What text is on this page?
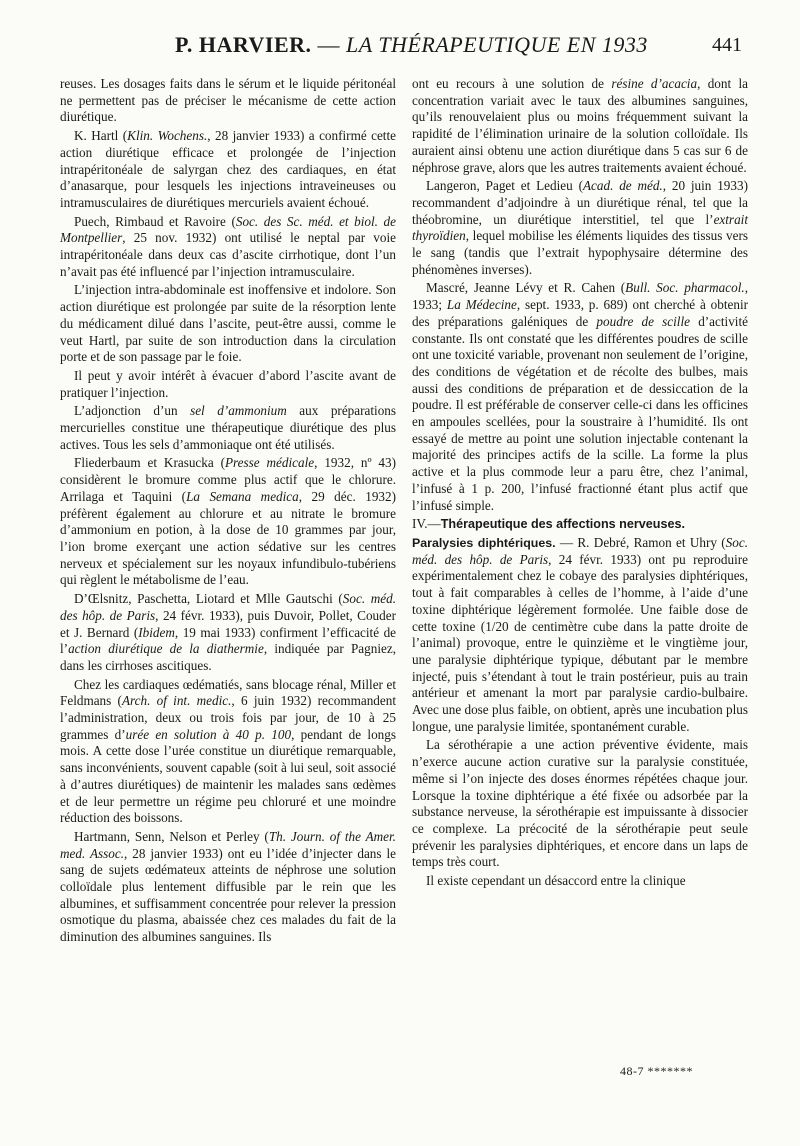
P. HARVIER. — LA THÉRAPEUTIQUE EN 1933	441

reuses. Les dosages faits dans le sérum et le liquide péritonéal ne permettent pas de préciser le mécanisme de cette action diurétique.

K. Hartl (Klin. Wochens., 28 janvier 1933) a confirmé cette action diurétique efficace et prolongée de l’injection intrapéritonéale de salyrgan chez des cardiaques, en état d’anasarque, pour lesquels les injections intraveineuses ou intramusculaires de diurétiques mercuriels avaient échoué.

Puech, Rimbaud et Ravoire (Soc. des Sc. méd. et biol. de Montpellier, 25 nov. 1932) ont utilisé le neptal par voie intrapéritonéale dans deux cas d’ascite cirrhotique, dont l’un n’avait pas été influencé par l’injection intramusculaire.

L’injection intra-abdominale est inoffensive et indolore. Son action diurétique est prolongée par suite de la résorption lente du médicament dilué dans l’ascite, peut-être aussi, comme le veut Hartl, par suite de son introduction dans la circulation porte et de son passage par le foie.

Il peut y avoir intérêt à évacuer d’abord l’ascite avant de pratiquer l’injection.

L’adjonction d’un sel d’ammonium aux préparations mercurielles constitue une thérapeutique diurétique des plus actives. Tous les sels d’ammoniaque ont été utilisés.

Fliederbaum et Krasucka (Presse médicale, 1932, nº 43) considèrent le bromure comme plus actif que le chlorure. Arrilaga et Taquini (La Semana medica, 29 déc. 1932) préfèrent également au chlorure et au nitrate le bromure d’ammonium en potion, à la dose de 10 grammes par jour, l’ion brome exerçant une action sédative sur les centres nerveux et spécialement sur les noyaux infundibulo-tubériens qui règlent le métabolisme de l’eau.

D’Œlsnitz, Paschetta, Liotard et Mlle Gautschi (Soc. méd. des hôp. de Paris, 24 févr. 1933), puis Duvoir, Pollet, Couder et J. Bernard (Ibidem, 19 mai 1933) confirment l’efficacité de l’action diurétique de la diathermie, indiquée par Pagniez, dans les cirrhoses ascitiques.

Chez les cardiaques œdématiés, sans blocage rénal, Miller et Feldmans (Arch. of int. medic., 6 juin 1932) recommandent l’administration, deux ou trois fois par jour, de 10 à 25 grammes d’urée en solution à 40 p. 100, pendant de longs mois. A cette dose l’urée constitue un diurétique remarquable, sans inconvénients, souvent capable (soit à lui seul, soit associé à d’autres diurétiques) de maintenir les malades sans œdèmes et de leur permettre un régime peu chloruré et une moindre réduction des boissons.

Hartmann, Senn, Nelson et Perley (Th. Journ. of the Amer. med. Assoc., 28 janvier 1933) ont eu l’idée d’injecter dans le sang de sujets œdémateux atteints de néphrose une solution colloïdale plus lentement diffusible par le rein que les albumines, et suffisamment concentrée pour relever la pression osmotique du plasma, abaissée chez ces malades du fait de la diminution des albumines sanguines. Ils

ont eu recours à une solution de résine d’acacia, dont la concentration variait avec le taux des albumines sanguines, qu’ils renouvelaient plus ou moins fréquemment suivant la rapidité de l’élimination urinaire de la solution colloïdale. Ils auraient ainsi obtenu une action diurétique dans 5 cas sur 6 de néphrose grave, alors que les autres traitements avaient échoué.

Langeron, Paget et Ledieu (Acad. de méd., 20 juin 1933) recommandent d’adjoindre à un diurétique rénal, tel que la théobromine, un diurétique interstitiel, tel que l’extrait thyroïdien, lequel mobilise les éléments liquides des tissus vers le sang (tandis que l’extrait hypophysaire détermine des phénomènes inverses).

Mascré, Jeanne Lévy et R. Cahen (Bull. Soc. pharmacol., 1933; La Médecine, sept. 1933, p. 689) ont cherché à obtenir des préparations galéniques de poudre de scille d’activité constante. Ils ont constaté que les différentes poudres de scille ont une toxicité variable, provenant non seulement de l’origine, des conditions de végétation et de récolte des bulbes, mais aussi des conditions de préparation et de dessiccation de la poudre. Il est préférable de conserver celle-ci dans les officines en ampoules scellées, pour la soustraire à l’humidité. Ils ont essayé de mettre au point une solution injectable contenant la majorité des principes actifs de la scille. La forme la plus active et la plus commode leur a paru être, chez l’animal, l’infusé à 1 p. 200, l’infusé fractionné étant plus actif que l’infusé simple.

IV.—Thérapeutique des affections nerveuses.

Paralysies diphtériques. — R. Debré, Ramon et Uhry (Soc. méd. des hôp. de Paris, 24 févr. 1933) ont pu reproduire expérimentalement chez le cobaye des paralysies diphtériques, tout à fait comparables à celles de l’homme, à l’aide d’une toxine diphtérique légèrement formolée. Une faible dose de cette toxine (1/20 de centimètre cube dans la patte droite de l’animal) provoque, entre le quinzième et le vingtième jour, une paralysie diphtérique typique, débutant par le membre injecté, puis s’étendant à tout le train postérieur, puis au train antérieur et amenant la mort par paralysie cardio-bulbaire. Avec une dose plus faible, on obtient, après une incubation plus longue, une paralysie limitée, spontanément curable.

La sérothérapie a une action préventive évidente, mais n’exerce aucune action curative sur la paralysie constituée, même si l’on injecte des doses énormes répétées chaque jour. Lorsque la toxine diphtérique a été fixée ou adsorbée par la substance nerveuse, la sérothérapie est impuissante à dissocier ce complexe. La précocité de la sérothérapie peut seule prévenir les paralysies diphtériques, et encore dans un laps de temps très court.

Il existe cependant un désaccord entre la clinique

48-7 *******
